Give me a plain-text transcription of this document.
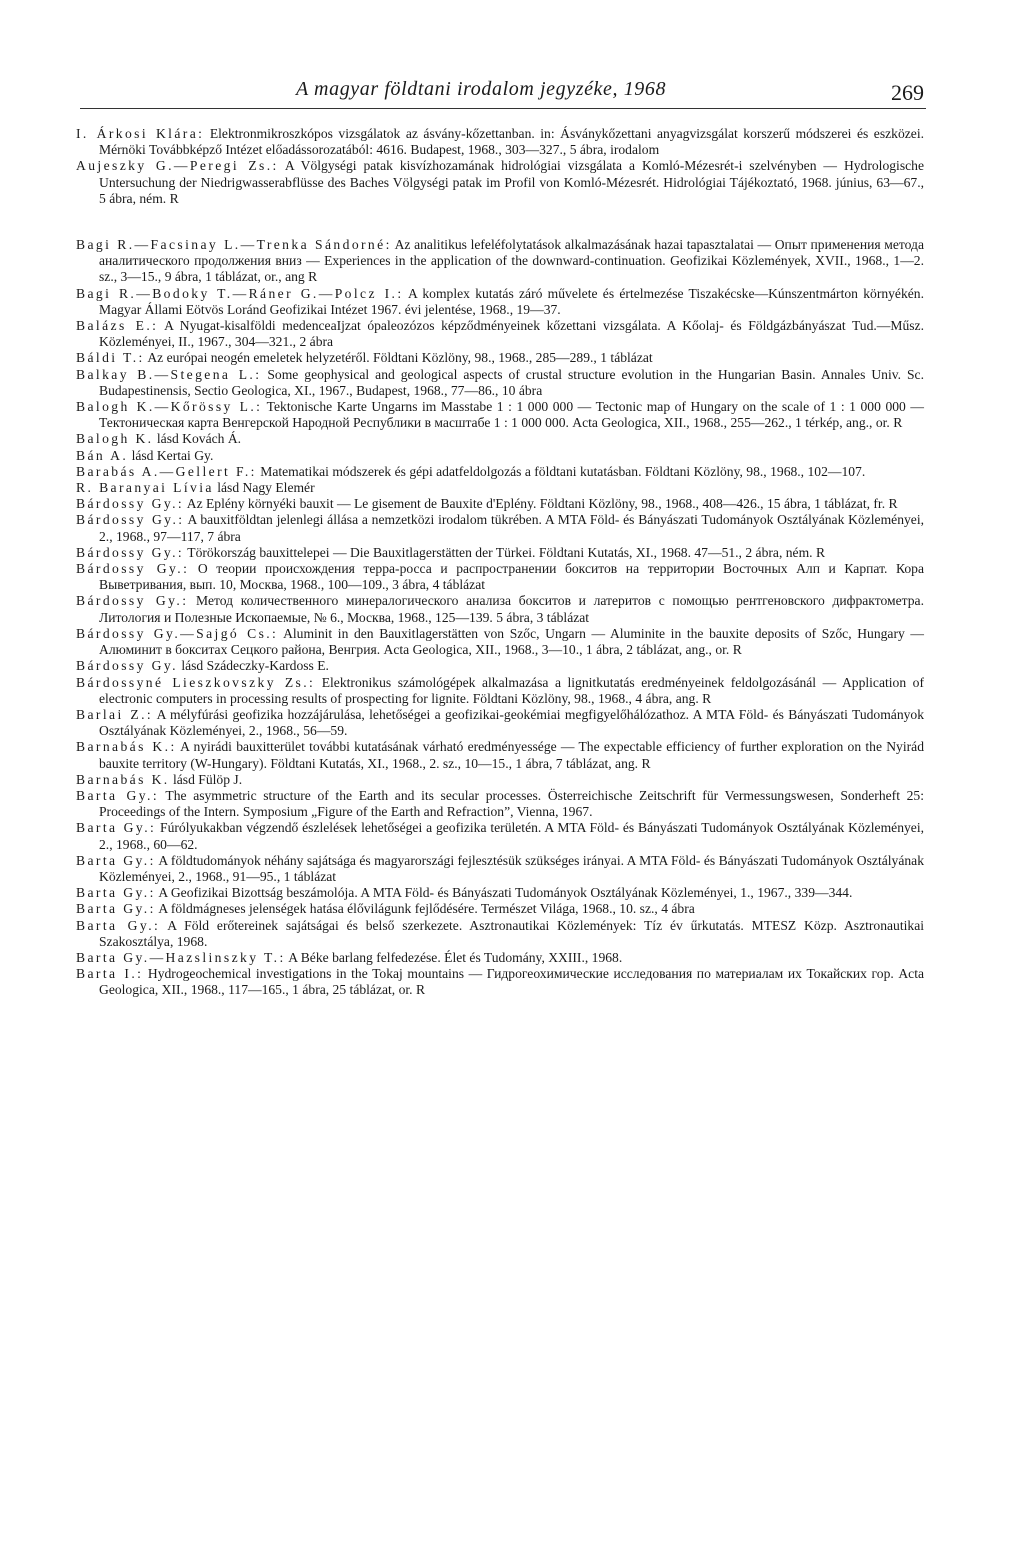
A magyar földtani irodalom jegyzéke, 1968	269

I. Árkosi Klára: Elektronmikroszkópos vizsgálatok az ásvány-kőzettanban. in: Ásványkőzettani anyagvizsgálat korszerű módszerei és eszközei. Mérnöki Továbbképző Intézet előadássorozatából: 4616. Budapest, 1968., 303—327., 5 ábra, irodalom

Aujeszky G.—Peregi Zs.: A Völgységi patak kisvízhozamának hidrológiai vizsgálata a Komló-Mézesrét-i szelvényben — Hydrologische Untersuchung der Niedrigwasserabflüsse des Baches Völgységi patak im Profil von Komló-Mézesrét. Hidrológiai Tájékoztató, 1968. június, 63—67., 5 ábra, ném. R

Bagi R.—Facsinay L.—Trenka Sándorné: Az analitikus lefeléfolytatások alkalmazásának hazai tapasztalatai — Опыт применения метода аналитического продолжения вниз — Experiences in the application of the downward-continuation. Geofizikai Közlemények, XVII., 1968., 1—2. sz., 3—15., 9 ábra, 1 táblázat, or., ang R

Bagi R.—Bodoky T.—Ráner G.—Polcz I.: A komplex kutatás záró művelete és értelmezése Tiszakécske—Kúnszentmárton környékén. Magyar Állami Eötvös Loránd Geofizikai Intézet 1967. évi jelentése, 1968., 19—37.

Balázs E.: A Nyugat-kisalföldi medenceaIjzat ópaleozózos képződményeinek kőzettani vizsgálata. A Kőolaj- és Földgázbányászat Tud.—Műsz. Közleményei, II., 1967., 304—321., 2 ábra

Báldi T.: Az európai neogén emeletek helyzetéről. Földtani Közlöny, 98., 1968., 285—289., 1 táblázat

Balkay B.—Stegena L.: Some geophysical and geological aspects of crustal structure evolution in the Hungarian Basin. Annales Univ. Sc. Budapestinensis, Sectio Geologica, XI., 1967., Budapest, 1968., 77—86., 10 ábra

Balogh K.—Kőrössy L.: Tektonische Karte Ungarns im Masstabe 1 : 1 000 000 — Tectonic map of Hungary on the scale of 1 : 1 000 000 — Тектоническая карта Венгерской Народной Республики в масштабе 1 : 1 000 000. Acta Geologica, XII., 1968., 255—262., 1 térkép, ang., or. R

Balogh K. lásd Kovách Á.

Bán A. lásd Kertai Gy.

Barabás A.—Gellert F.: Matematikai módszerek és gépi adatfeldolgozás a földtani kutatásban. Földtani Közlöny, 98., 1968., 102—107.

R. Baranyai Lívia lásd Nagy Elemér

Bárdossy Gy.: Az Eplény környéki bauxit — Le gisement de Bauxite d'Eplény. Földtani Közlöny, 98., 1968., 408—426., 15 ábra, 1 táblázat, fr. R

Bárdossy Gy.: A bauxitföldtan jelenlegi állása a nemzetközi irodalom tükrében. A MTA Föld- és Bányászati Tudományok Osztályának Közleményei, 2., 1968., 97—117, 7 ábra

Bárdossy Gy.: Törökország bauxittelepei — Die Bauxitlagerstätten der Türkei. Földtani Kutatás, XI., 1968. 47—51., 2 ábra, ném. R

Bárdossy Gy.: О теории происхождения терра-росса и распространении бокситов на территории Восточных Алп и Карпат. Кора Выветривания, вып. 10, Москва, 1968., 100—109., 3 ábra, 4 táblázat

Bárdossy Gy.: Метод количественного минералогического анализа бокситов и латеритов с помощью рентгеновского дифрактометра. Литология и Полезные Ископаемые, № 6., Москва, 1968., 125—139. 5 ábra, 3 táblázat

Bárdossy Gy.—Sajgó Cs.: Aluminit in den Bauxitlagerstätten von Szőc, Ungarn — Aluminite in the bauxite deposits of Szőc, Hungary — Алюминит в бокситах Сецкого района, Венгрия. Acta Geologica, XII., 1968., 3—10., 1 ábra, 2 táblázat, ang., or. R

Bárdossy Gy. lásd Szádeczky-Kardoss E.

Bárdossyné Lieszkovszky Zs.: Elektronikus számológépek alkalmazása a lignitkutatás eredményeinek feldolgozásánál — Application of electronic computers in processing results of prospecting for lignite. Földtani Közlöny, 98., 1968., 4 ábra, ang. R

Barlai Z.: A mélyfúrási geofizika hozzájárulása, lehetőségei a geofizikai-geokémiai megfigyelőhálózathoz. A MTA Föld- és Bányászati Tudományok Osztályának Közleményei, 2., 1968., 56—59.

Barnabás K.: A nyirádi bauxitterület további kutatásának várható eredményessége — The expectable efficiency of further exploration on the Nyirád bauxite territory (W-Hungary). Földtani Kutatás, XI., 1968., 2. sz., 10—15., 1 ábra, 7 táblázat, ang. R

Barnabás K. lásd Fülöp J.

Barta Gy.: The asymmetric structure of the Earth and its secular processes. Österreichische Zeitschrift für Vermessungswesen, Sonderheft 25: Proceedings of the Intern. Symposium „Figure of the Earth and Refraction”, Vienna, 1967.

Barta Gy.: Fúrólyukakban végzendő észlelések lehetőségei a geofizika területén. A MTA Föld- és Bányászati Tudományok Osztályának Közleményei, 2., 1968., 60—62.

Barta Gy.: A földtudományok néhány sajátsága és magyarországi fejlesztésük szükséges irányai. A MTA Föld- és Bányászati Tudományok Osztályának Közleményei, 2., 1968., 91—95., 1 táblázat

Barta Gy.: A Geofizikai Bizottság beszámolója. A MTA Föld- és Bányászati Tudományok Osztályának Közleményei, 1., 1967., 339—344.

Barta Gy.: A földmágneses jelenségek hatása élővilágunk fejlődésére. Természet Világa, 1968., 10. sz., 4 ábra

Barta Gy.: A Föld erőtereinek sajátságai és belső szerkezete. Asztronautikai Közlemények: Tíz év űrkutatás. MTESZ Közp. Asztronautikai Szakosztálya, 1968.

Barta Gy.—Hazslinszky T.: A Béke barlang felfedezése. Élet és Tudomány, XXIII., 1968.

Barta I.: Hydrogeochemical investigations in the Tokaj mountains — Гидрогеохимические исследования по материалам их Токайских гор. Acta Geologica, XII., 1968., 117—165., 1 ábra, 25 táblázat, or. R
